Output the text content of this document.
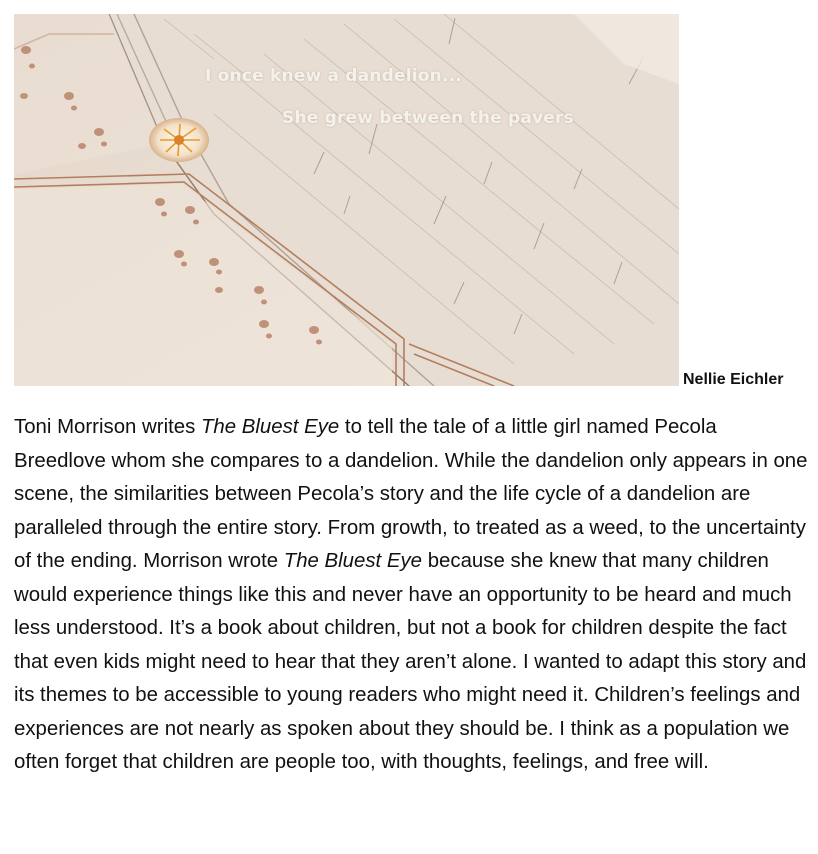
I once knew a dandelion...
She grew between the pavers
Nellie Eichler

Toni Morrison writes The Bluest Eye to tell the tale of a little girl named Pecola Breedlove whom she compares to a dandelion. While the dandelion only appears in one scene, the similarities between Pecola’s story and the life cycle of a dandelion are paralleled through the entire story. From growth, to treated as a weed, to the uncertainty of the ending. Morrison wrote The Bluest Eye because she knew that many children would experience things like this and never have an opportunity to be heard and much less understood. It’s a book about children, but not a book for children despite the fact that even kids might need to hear that they aren’t alone. I wanted to adapt this story and its themes to be accessible to young readers who might need it. Children’s feelings and experiences are not nearly as spoken about they should be. I think as a population we often forget that children are people too, with thoughts, feelings, and free will.
